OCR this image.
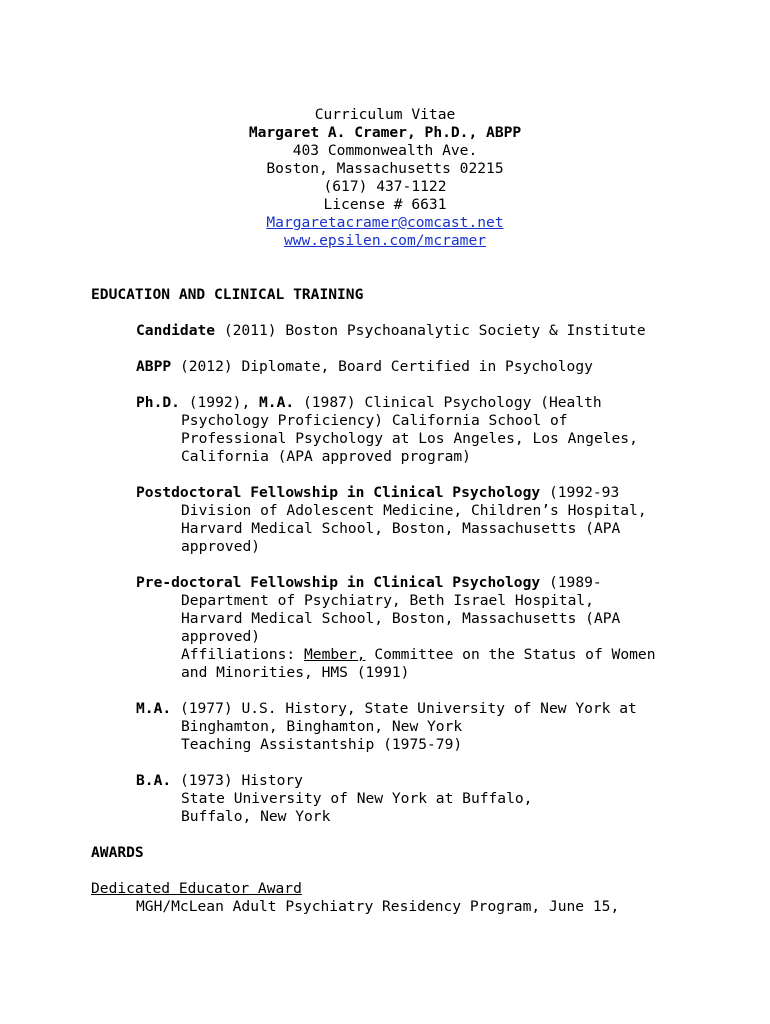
Curriculum Vitae
Margaret A. Cramer, Ph.D., ABPP
403 Commonwealth Ave.
Boston, Massachusetts 02215
(617) 437-1122
License # 6631
Margaretacramer@comcast.net
www.epsilen.com/mcramer
EDUCATION AND CLINICAL TRAINING
Candidate (2011) Boston Psychoanalytic Society & Institute
ABPP (2012) Diplomate, Board Certified in Psychology
Ph.D. (1992), M.A. (1987) Clinical Psychology (Health
Psychology Proficiency) California School of
Professional Psychology at Los Angeles, Los Angeles,
California (APA approved program)
Postdoctoral Fellowship in Clinical Psychology (1992-93
Division of Adolescent Medicine, Children’s Hospital,
Harvard Medical School, Boston, Massachusetts (APA
approved)
Pre-doctoral Fellowship in Clinical Psychology (1989-
Department of Psychiatry, Beth Israel Hospital,
Harvard Medical School, Boston, Massachusetts (APA
approved)
Affiliations: Member, Committee on the Status of Women
and Minorities, HMS (1991)
M.A. (1977) U.S. History, State University of New York at
Binghamton, Binghamton, New York
Teaching Assistantship (1975-79)
B.A. (1973) History
State University of New York at Buffalo,
Buffalo, New York
AWARDS
Dedicated Educator Award
MGH/McLean Adult Psychiatry Residency Program, June 15,
